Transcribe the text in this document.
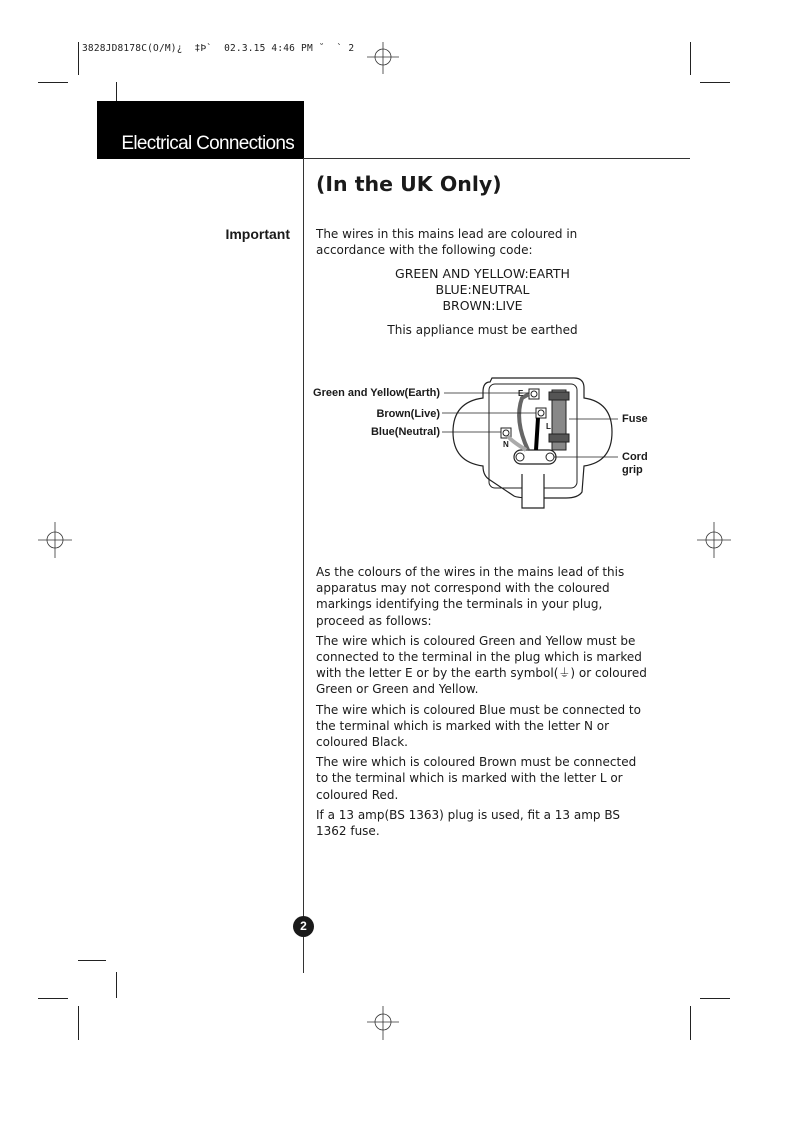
3828JD8178C(O/M)¿  ‡Þ`  02.3.15 4:46 PM ˘  ` 2
Electrical Connections
(In the UK Only)
Important The wires in this mains lead are coloured in accordance with the following code:
GREEN AND YELLOW:EARTH
BLUE:NEUTRAL
BROWN:LIVE
This appliance must be earthed
E
L
N
Green and Yellow(Earth)
Brown(Live)
Blue(Neutral)
Fuse
Cord
grip

As the colours of the wires in the mains lead of this apparatus may not correspond with the coloured markings identifying the terminals in your plug, proceed as follows:

The wire which is coloured Green and Yellow must be connected to the terminal in the plug which is marked with the letter E or by the earth symbol(⏚) or coloured Green or Green and Yellow.

The wire which is coloured Blue must be connected to the terminal which is marked with the letter N or coloured Black.

The wire which is coloured Brown must be connected to the terminal which is marked with the letter L or coloured Red.

If a 13 amp(BS 1363) plug is used, fit a 13 amp BS 1362 fuse.

2
